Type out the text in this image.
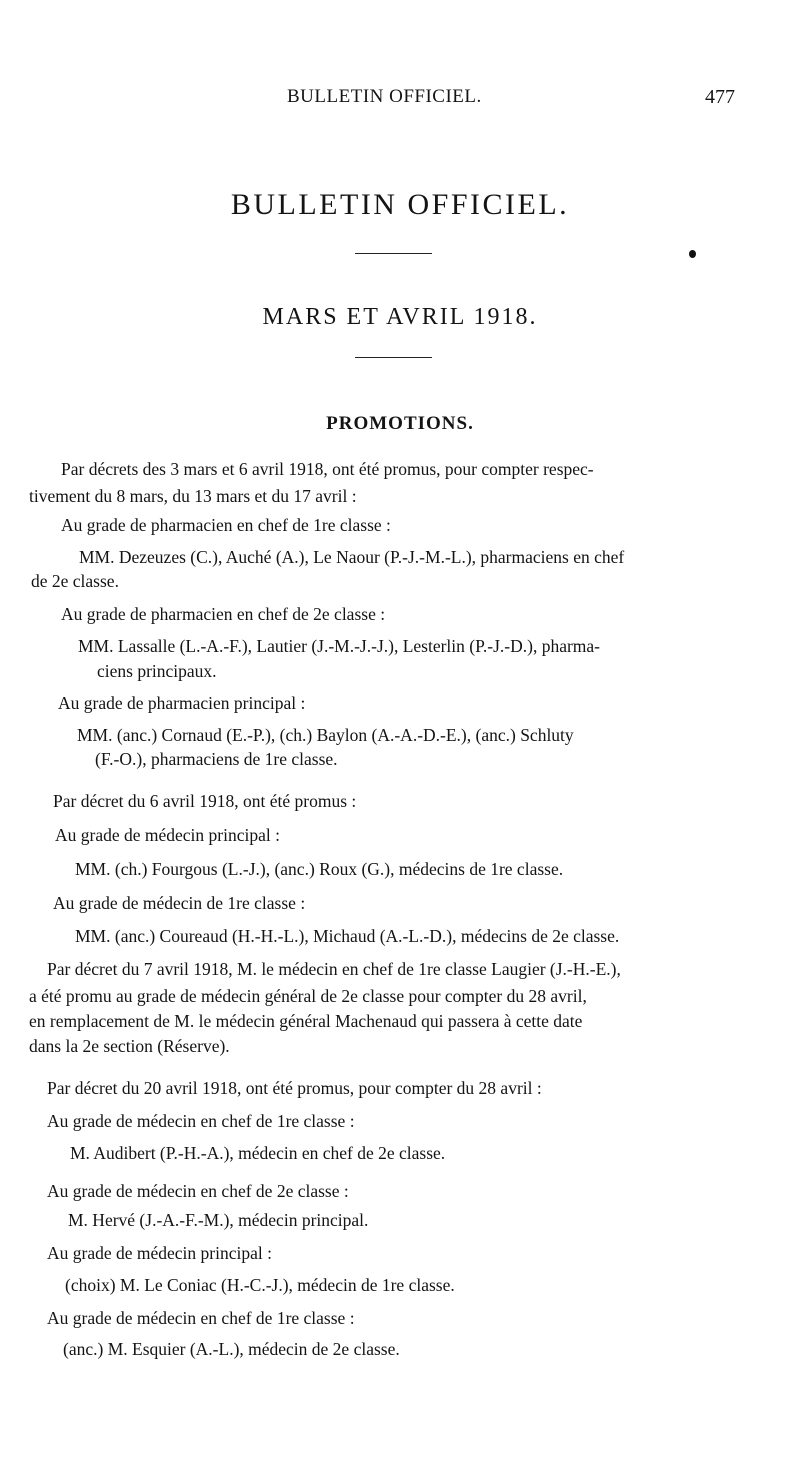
BULLETIN OFFICIEL.	477
BULLETIN OFFICIEL.
MARS ET AVRIL 1918.
PROMOTIONS.

Par décrets des 3 mars et 6 avril 1918, ont été promus, pour compter respec-

tivement du 8 mars, du 13 mars et du 17 avril :

Au grade de pharmacien en chef de 1re classe :

MM. Dezeuzes (C.), Auché (A.), Le Naour (P.-J.-M.-L.), pharmaciens en chef

de 2e classe.

Au grade de pharmacien en chef de 2e classe :

MM. Lassalle (L.-A.-F.), Lautier (J.-M.-J.-J.), Lesterlin (P.-J.-D.), pharma-

ciens principaux.

Au grade de pharmacien principal :

MM. (anc.) Cornaud (E.-P.), (ch.) Baylon (A.-A.-D.-E.), (anc.) Schluty

(F.-O.), pharmaciens de 1re classe.

Par décret du 6 avril 1918, ont été promus :

Au grade de médecin principal :

MM. (ch.) Fourgous (L.-J.), (anc.) Roux (G.), médecins de 1re classe.

Au grade de médecin de 1re classe :

MM. (anc.) Coureaud (H.-H.-L.), Michaud (A.-L.-D.), médecins de 2e classe.

Par décret du 7 avril 1918, M. le médecin en chef de 1re classe Laugier (J.-H.-E.),

a été promu au grade de médecin général de 2e classe pour compter du 28 avril,

en remplacement de M. le médecin général Machenaud qui passera à cette date

dans la 2e section (Réserve).

Par décret du 20 avril 1918, ont été promus, pour compter du 28 avril :

Au grade de médecin en chef de 1re classe :

M. Audibert (P.-H.-A.), médecin en chef de 2e classe.

Au grade de médecin en chef de 2e classe :

M. Hervé (J.-A.-F.-M.), médecin principal.

Au grade de médecin principal :

(choix) M. Le Coniac (H.-C.-J.), médecin de 1re classe.

Au grade de médecin en chef de 1re classe :

(anc.) M. Esquier (A.-L.), médecin de 2e classe.
